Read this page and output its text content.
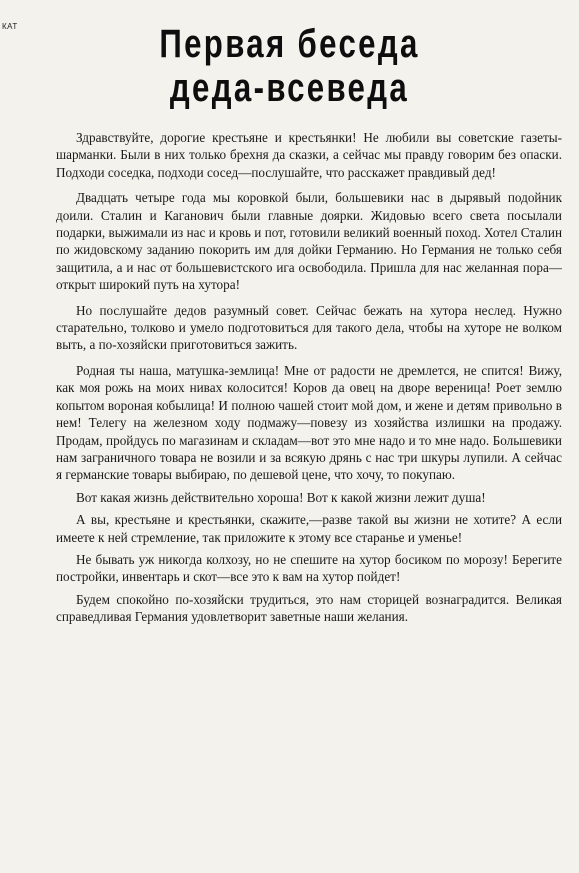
КАТ	Первая беседа
деда-всеведа

Здравствуйте, дорогие крестьяне и крестьянки! Не любили вы советские газеты-шарманки. Были в них только брехня да сказки, а сейчас мы правду говорим без опаски. Подходи соседка, подходи сосед—послушайте, что расскажет правдивый дед!

Двадцать четыре года мы коровкой были, большевики нас в дырявый подойник доили. Сталин и Каганович были главные доярки. Жидовью всего света посылали подарки, выжимали из нас и кровь и пот, готовили великий военный поход. Хотел Сталин по жидовскому заданию покорить им для дойки Германию. Но Германия не только себя защитила, а и нас от большевистского ига освободила. Пришла для нас желанная пора—открыт широкий путь на хутора!

Но послушайте дедов разумный совет. Сейчас бежать на хутора неслед. Нужно старательно, толково и умело подготовиться для такого дела, чтобы на хуторе не волком выть, а по-хозяйски приготовиться зажить.

Родная ты наша, матушка-землица! Мне от радости не дремлется, не спится! Вижу, как моя рожь на моих нивах колосится! Коров да овец на дворе вереница! Роет землю копытом вороная кобылица! И полною чашей стоит мой дом, и жене и детям привольно в нем! Телегу на железном ходу подмажу—повезу из хозяйства излишки на продажу. Продам, пройдусь по магазинам и складам—вот это мне надо и то мне надо. Большевики нам заграничного товара не возили и за всякую дрянь с нас три шкуры лупили. А сейчас я германские товары выбираю, по дешевой цене, что хочу, то покупаю.

Вот какая жизнь действительно хороша! Вот к какой жизни лежит душа!

А вы, крестьяне и крестьянки, скажите,—разве такой вы жизни не хотите? А если имеете к ней стремление, так приложите к этому все старанье и уменье!

Не бывать уж никогда колхозу, но не спешите на хутор босиком по морозу! Берегите постройки, инвентарь и скот—все это к вам на хутор пойдет!

Будем спокойно по-хозяйски трудиться, это нам сторицей вознаградится. Великая справедливая Германия удовлетворит заветные наши желания.
